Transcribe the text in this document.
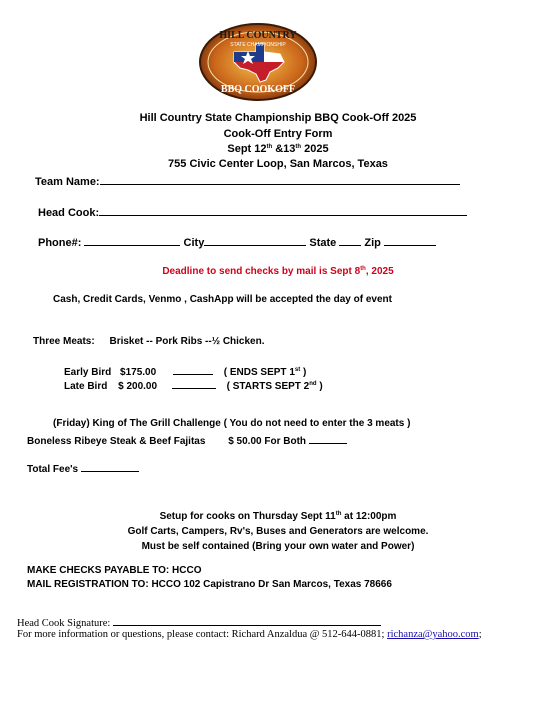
HILL COUNTRY
STATE CHAMPIONSHIP
BBQ COOKOFF
Hill Country State Championship BBQ Cook-Off 2025
Cook-Off Entry Form
Sept 12th &13th 2025
755 Civic Center Loop, San Marcos, Texas
Team Name:
Head Cook:
Phone#:	City	State	Zip
Deadline to send checks by mail is Sept 8th, 2025
Cash, Credit Cards, Venmo , CashApp will be accepted the day of event
Three Meats: Brisket -- Pork Ribs --½ Chicken.
Early Bird $175.00	( ENDS SEPT 1st )
Late Bird $ 200.00	( STARTS SEPT 2nd )
(Friday) King of The Grill Challenge ( You do not need to enter the 3 meats )
Boneless Ribeye Steak & Beef Fajitas $ 50.00 For Both
Total Fee's
Setup for cooks on Thursday Sept 11th at 12:00pm
Golf Carts, Campers, Rv's, Buses and Generators are welcome.
Must be self contained (Bring your own water and Power)
MAKE CHECKS PAYABLE TO: HCCO
MAIL REGISTRATION TO: HCCO 102 Capistrano Dr San Marcos, Texas 78666
Head Cook Signature:
For more information or questions, please contact: Richard Anzaldua @ 512-644-0881; richanza@yahoo.com;
